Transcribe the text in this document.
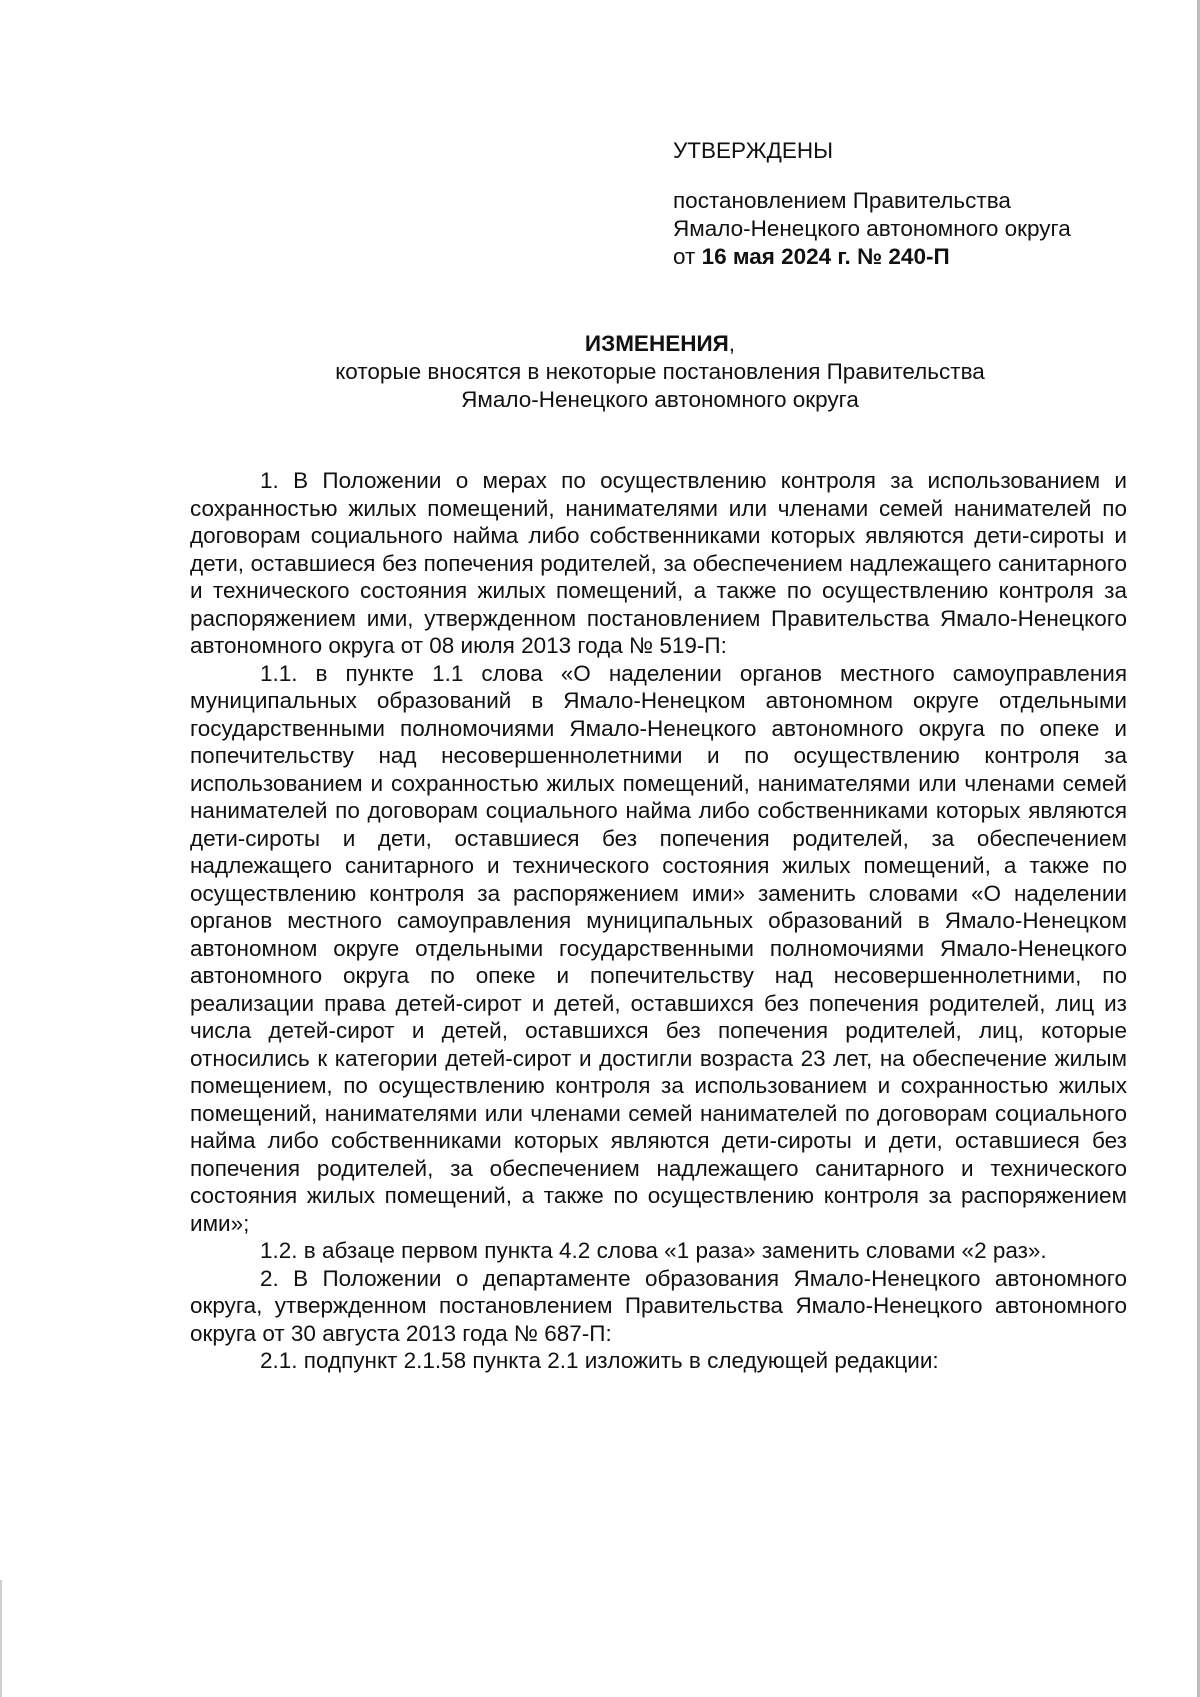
УТВЕРЖДЕНЫ

постановлением Правительства

Ямало-Ненецкого автономного округа

от 16 мая 2024 г. № 240-П

ИЗМЕНЕНИЯ,
которые вносятся в некоторые постановления Правительства
Ямало-Ненецкого автономного округа

1. В Положении о мерах по осуществлению контроля за использованием и сохранностью жилых помещений, нанимателями или членами семей нанимателей по договорам социального найма либо собственниками которых являются дети-сироты и дети, оставшиеся без попечения родителей, за обеспечением надлежащего санитарного и технического состояния жилых помещений, а также по осуществлению контроля за распоряжением ими, утвержденном постановлением Правительства Ямало-Ненецкого автономного округа от 08 июля 2013 года № 519-П:

1.1. в пункте 1.1 слова «О наделении органов местного самоуправления муниципальных образований в Ямало-Ненецком автономном округе отдельными государственными полномочиями Ямало-Ненецкого автономного округа по опеке и попечительству над несовершеннолетними и по осуществлению контроля за использованием и сохранностью жилых помещений, нанимателями или членами семей нанимателей по договорам социального найма либо собственниками которых являются дети-сироты и дети, оставшиеся без попечения родителей, за обеспечением надлежащего санитарного и технического состояния жилых помещений, а также по осуществлению контроля за распоряжением ими» заменить словами «О наделении органов местного самоуправления муниципальных образований в Ямало-Ненецком автономном округе отдельными государственными полномочиями Ямало-Ненецкого автономного округа по опеке и попечительству над несовершеннолетними, по реализации права детей-сирот и детей, оставшихся без попечения родителей, лиц из числа детей-сирот и детей, оставшихся без попечения родителей, лиц, которые относились к категории детей-сирот и достигли возраста 23 лет, на обеспечение жилым помещением, по осуществлению контроля за использованием и сохранностью жилых помещений, нанимателями или членами семей нанимателей по договорам социального найма либо собственниками которых являются дети-сироты и дети, оставшиеся без попечения родителей, за обеспечением надлежащего санитарного и технического состояния жилых помещений, а также по осуществлению контроля за распоряжением ими»;

1.2. в абзаце первом пункта 4.2 слова «1 раза» заменить словами «2 раз».

2. В Положении о департаменте образования Ямало-Ненецкого автономного округа, утвержденном постановлением Правительства Ямало-Ненецкого автономного округа от 30 августа 2013 года № 687-П:

2.1. подпункт 2.1.58 пункта 2.1 изложить в следующей редакции:
